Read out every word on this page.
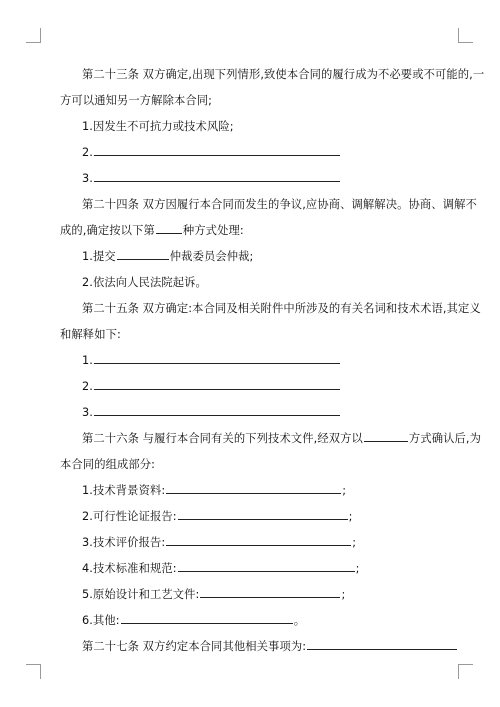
第二十三条 双方确定,出现下列情形,致使本合同的履行成为不必要或不可能的,一
方可以通知另一方解除本合同;
1.因发生不可抗力或技术风险;
2.
3.
第二十四条 双方因履行本合同而发生的争议,应协商、调解解决。协商、调解不
成的,确定按以下第 种方式处理:
1.提交	仲裁委员会仲裁;
2.依法向人民法院起诉。
第二十五条 双方确定:本合同及相关附件中所涉及的有关名词和技术术语,其定义
和解释如下:
1.
2.
3.
第二十六条 与履行本合同有关的下列技术文件,经双方以	方式确认后,为
本合同的组成部分:
1.技术背景资料:	;
2.可行性论证报告:	;
3.技术评价报告:	;
4.技术标准和规范:	;
5.原始设计和工艺文件:	;
6.其他:	。
第二十七条 双方约定本合同其他相关事项为:
